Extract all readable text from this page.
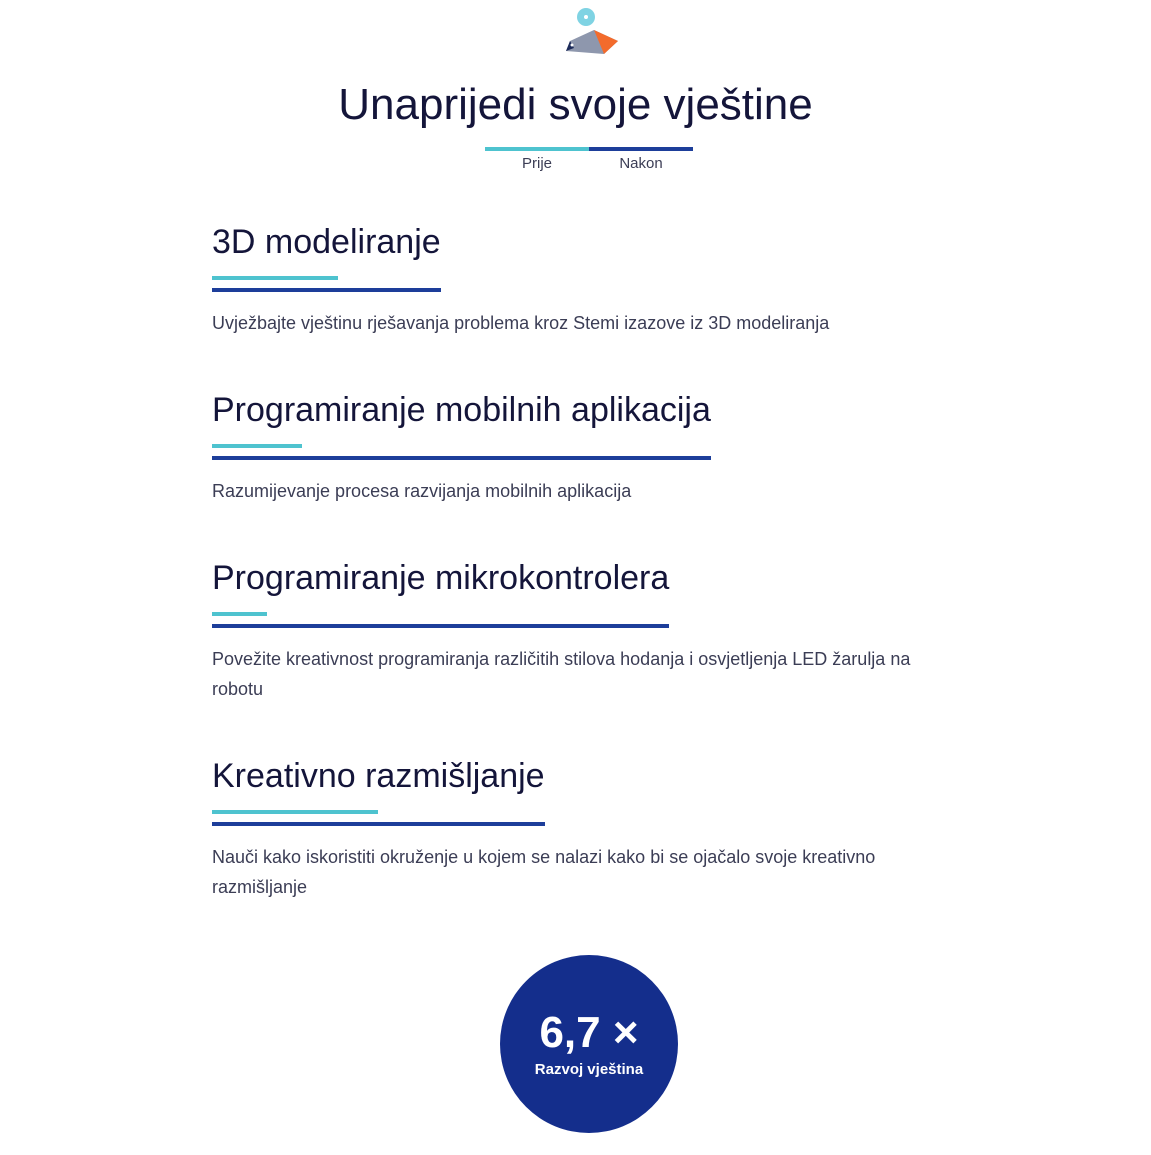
Unaprijedi svoje vještine
Prije	Nakon
3D modeliranje

Uvježbajte vještinu rješavanja problema kroz Stemi izazove iz 3D modeliranja

Programiranje mobilnih aplikacija

Razumijevanje procesa razvijanja mobilnih aplikacija

Programiranje mikrokontrolera

Povežite kreativnost programiranja različitih stilova hodanja i osvjetljenja LED žarulja na robotu

Kreativno razmišljanje

Nauči kako iskoristiti okruženje u kojem se nalazi kako bi se ojačalo svoje kreativno razmišljanje

6,7 ×
Razvoj vještina
